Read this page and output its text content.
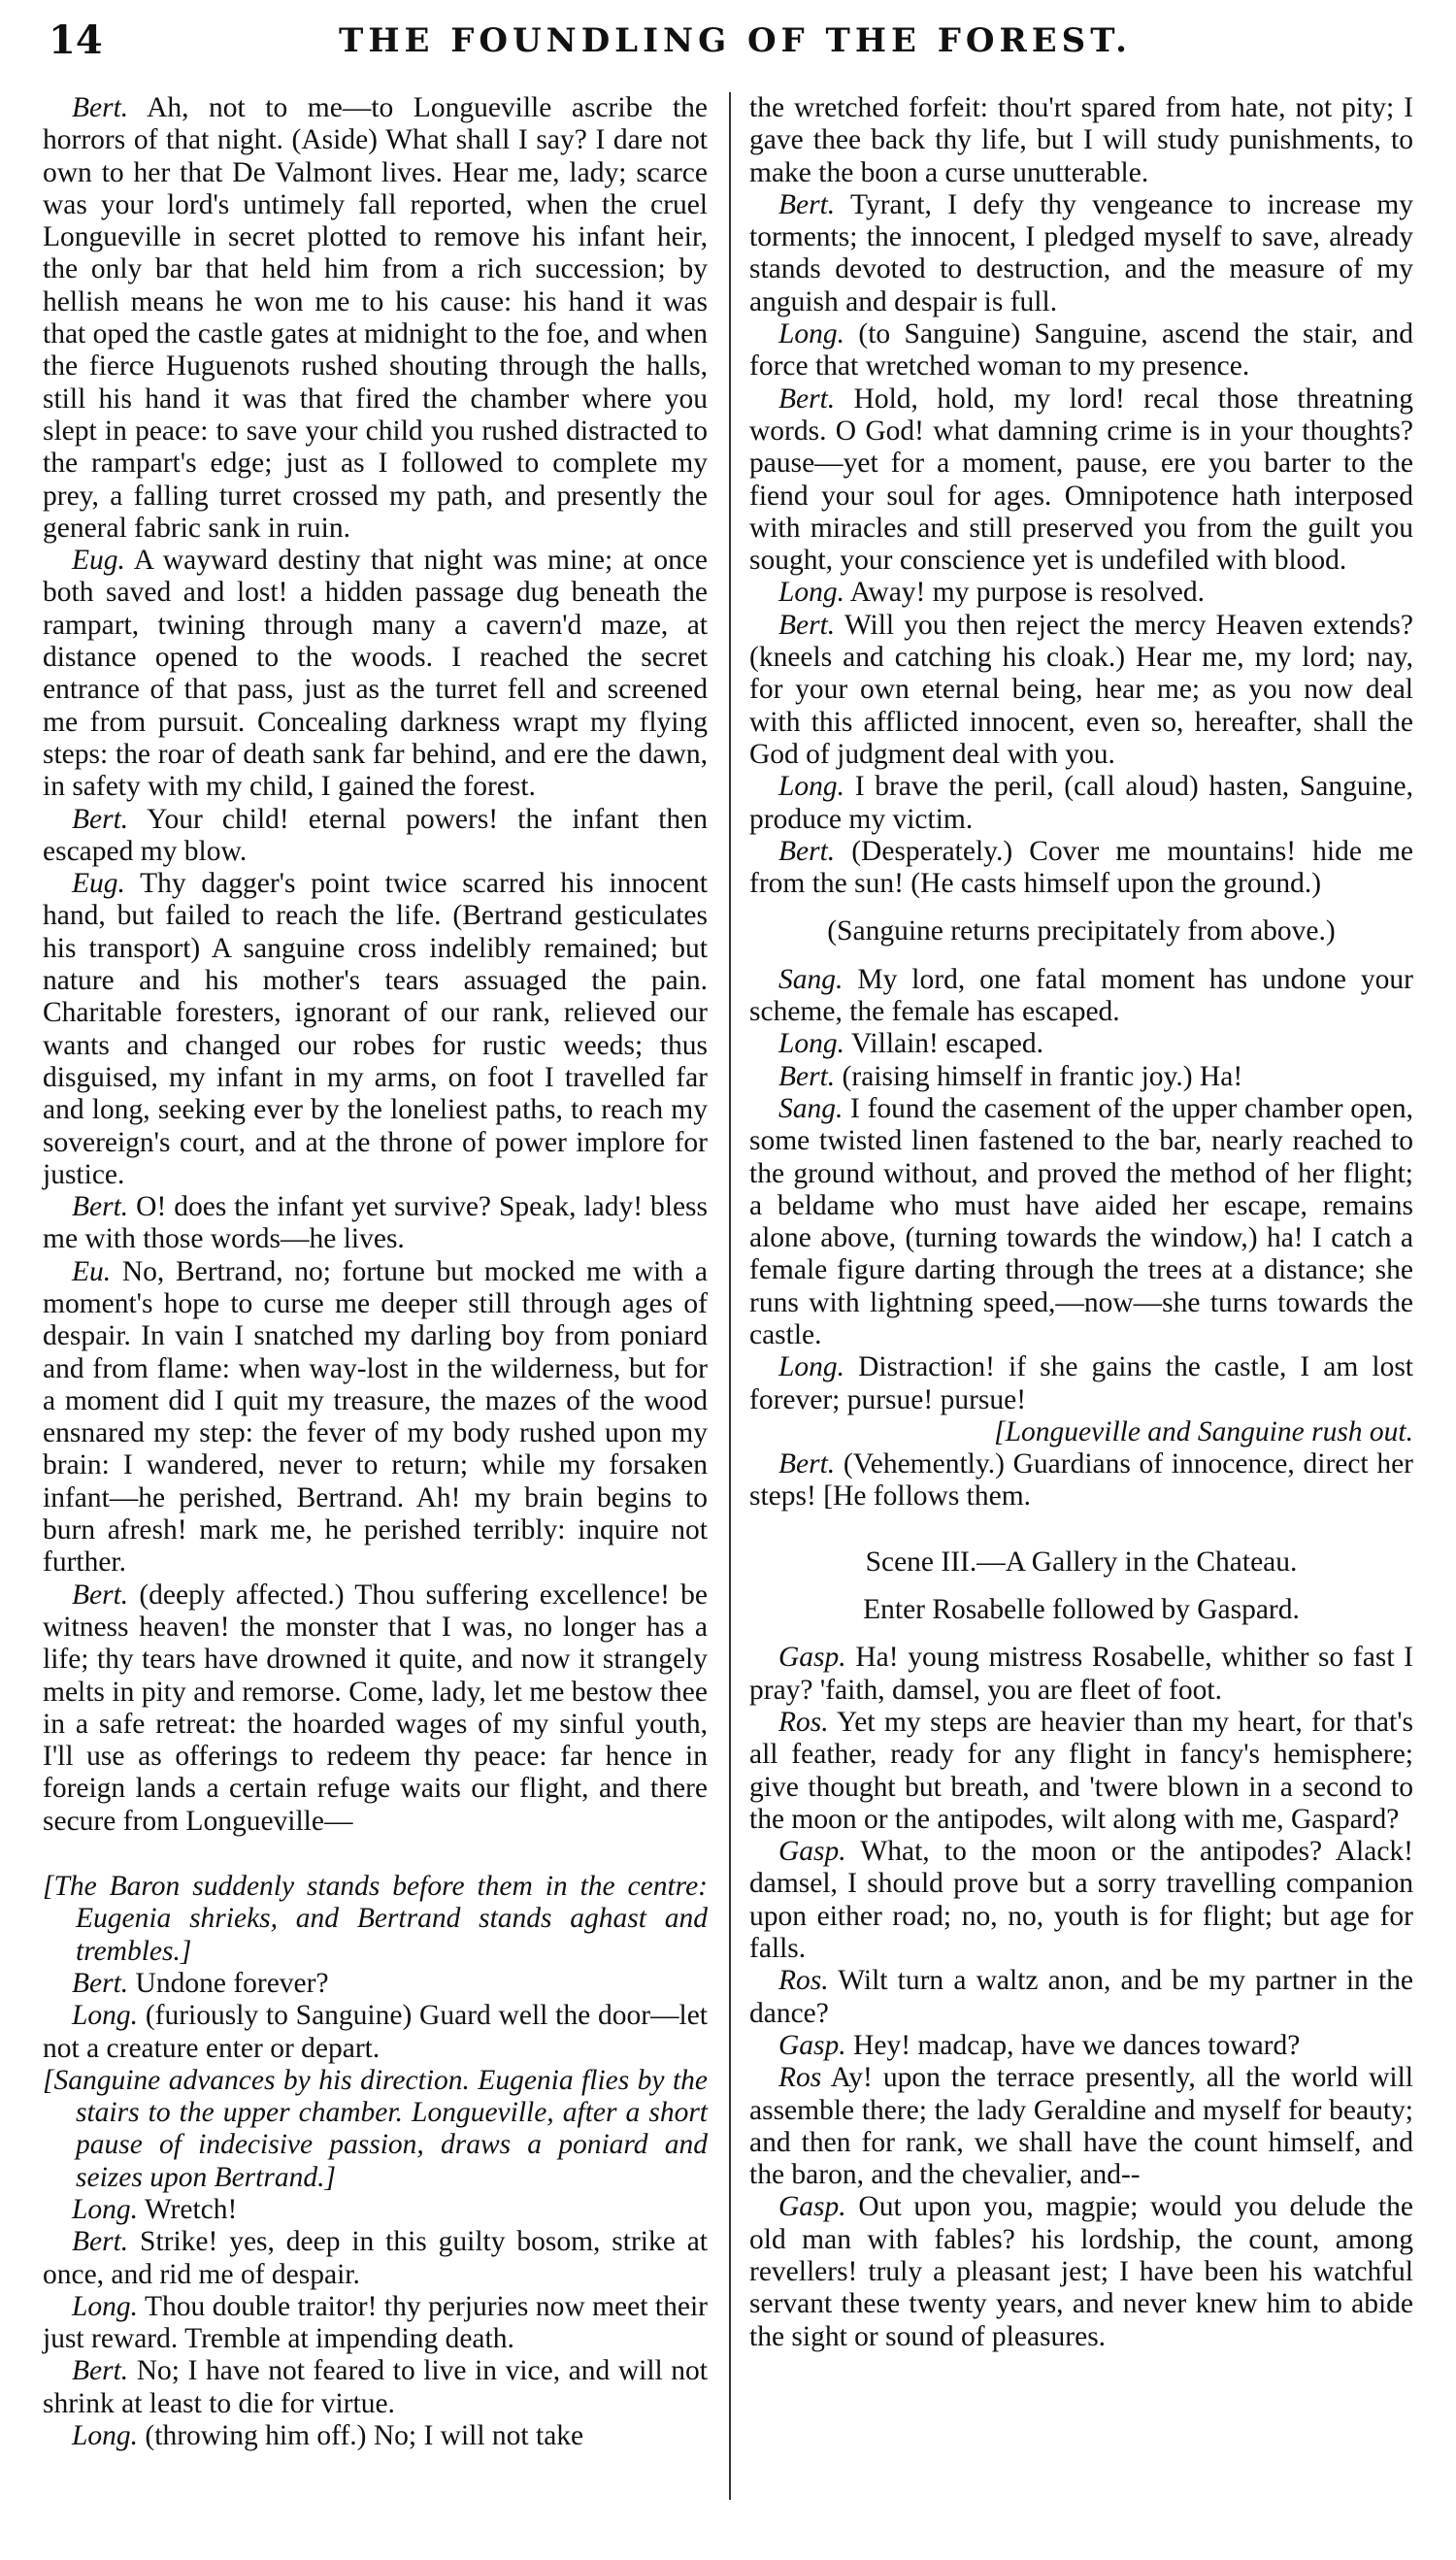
14	THE FOUNDLING OF THE FOREST.

Bert. Ah, not to me—to Longueville ascribe the horrors of that night. (Aside) What shall I say? I dare not own to her that De Valmont lives. Hear me, lady; scarce was your lord's untimely fall reported, when the cruel Longueville in secret plotted to remove his infant heir, the only bar that held him from a rich succession; by hellish means he won me to his cause: his hand it was that oped the castle gates at midnight to the foe, and when the fierce Huguenots rushed shouting through the halls, still his hand it was that fired the chamber where you slept in peace: to save your child you rushed distracted to the rampart's edge; just as I followed to complete my prey, a falling turret crossed my path, and presently the general fabric sank in ruin.

Eug. A wayward destiny that night was mine; at once both saved and lost! a hidden passage dug beneath the rampart, twining through many a cavern'd maze, at distance opened to the woods. I reached the secret entrance of that pass, just as the turret fell and screened me from pursuit. Concealing darkness wrapt my flying steps: the roar of death sank far behind, and ere the dawn, in safety with my child, I gained the forest.

Bert. Your child! eternal powers! the infant then escaped my blow.

Eug. Thy dagger's point twice scarred his innocent hand, but failed to reach the life. (Bertrand gesticulates his transport) A sanguine cross indelibly remained; but nature and his mother's tears assuaged the pain. Charitable foresters, ignorant of our rank, relieved our wants and changed our robes for rustic weeds; thus disguised, my infant in my arms, on foot I travelled far and long, seeking ever by the loneliest paths, to reach my sovereign's court, and at the throne of power implore for justice.

Bert. O! does the infant yet survive? Speak, lady! bless me with those words—he lives.

Eu. No, Bertrand, no; fortune but mocked me with a moment's hope to curse me deeper still through ages of despair. In vain I snatched my darling boy from poniard and from flame: when way-lost in the wilderness, but for a moment did I quit my treasure, the mazes of the wood ensnared my step: the fever of my body rushed upon my brain: I wandered, never to return; while my forsaken infant—he perished, Bertrand. Ah! my brain begins to burn afresh! mark me, he perished terribly: inquire not further.

Bert. (deeply affected.) Thou suffering excellence! be witness heaven! the monster that I was, no longer has a life; thy tears have drowned it quite, and now it strangely melts in pity and remorse. Come, lady, let me bestow thee in a safe retreat: the hoarded wages of my sinful youth, I'll use as offerings to redeem thy peace: far hence in foreign lands a certain refuge waits our flight, and there secure from Longueville—

[The Baron suddenly stands before them in the centre: Eugenia shrieks, and Bertrand stands aghast and trembles.]

Bert. Undone forever?

Long. (furiously to Sanguine) Guard well the door—let not a creature enter or depart.

[Sanguine advances by his direction. Eugenia flies by the stairs to the upper chamber. Longueville, after a short pause of indecisive passion, draws a poniard and seizes upon Bertrand.]

Long. Wretch!

Bert. Strike! yes, deep in this guilty bosom, strike at once, and rid me of despair.

Long. Thou double traitor! thy perjuries now meet their just reward. Tremble at impending death.

Bert. No; I have not feared to live in vice, and will not shrink at least to die for virtue.

Long. (throwing him off.) No; I will not take

the wretched forfeit: thou'rt spared from hate, not pity; I gave thee back thy life, but I will study punishments, to make the boon a curse unutterable.

Bert. Tyrant, I defy thy vengeance to increase my torments; the innocent, I pledged myself to save, already stands devoted to destruction, and the measure of my anguish and despair is full.

Long. (to Sanguine) Sanguine, ascend the stair, and force that wretched woman to my presence.

Bert. Hold, hold, my lord! recal those threatning words. O God! what damning crime is in your thoughts? pause—yet for a moment, pause, ere you barter to the fiend your soul for ages. Omnipotence hath interposed with miracles and still preserved you from the guilt you sought, your conscience yet is undefiled with blood.

Long. Away! my purpose is resolved.

Bert. Will you then reject the mercy Heaven extends? (kneels and catching his cloak.) Hear me, my lord; nay, for your own eternal being, hear me; as you now deal with this afflicted innocent, even so, hereafter, shall the God of judgment deal with you.

Long. I brave the peril, (call aloud) hasten, Sanguine, produce my victim.

Bert. (Desperately.) Cover me mountains! hide me from the sun! (He casts himself upon the ground.)

(Sanguine returns precipitately from above.)

Sang. My lord, one fatal moment has undone your scheme, the female has escaped.

Long. Villain! escaped.

Bert. (raising himself in frantic joy.) Ha!

Sang. I found the casement of the upper chamber open, some twisted linen fastened to the bar, nearly reached to the ground without, and proved the method of her flight; a beldame who must have aided her escape, remains alone above, (turning towards the window,) ha! I catch a female figure darting through the trees at a distance; she runs with lightning speed,—now—she turns towards the castle.

Long. Distraction! if she gains the castle, I am lost forever; pursue! pursue!

[Longueville and Sanguine rush out.

Bert. (Vehemently.) Guardians of innocence, direct her steps! [He follows them.

Scene III.—A Gallery in the Chateau.

Enter Rosabelle followed by Gaspard.

Gasp. Ha! young mistress Rosabelle, whither so fast I pray? 'faith, damsel, you are fleet of foot.

Ros. Yet my steps are heavier than my heart, for that's all feather, ready for any flight in fancy's hemisphere; give thought but breath, and 'twere blown in a second to the moon or the antipodes, wilt along with me, Gaspard?

Gasp. What, to the moon or the antipodes? Alack! damsel, I should prove but a sorry travelling companion upon either road; no, no, youth is for flight; but age for falls.

Ros. Wilt turn a waltz anon, and be my partner in the dance?

Gasp. Hey! madcap, have we dances toward?

Ros Ay! upon the terrace presently, all the world will assemble there; the lady Geraldine and myself for beauty; and then for rank, we shall have the count himself, and the baron, and the chevalier, and--

Gasp. Out upon you, magpie; would you delude the old man with fables? his lordship, the count, among revellers! truly a pleasant jest; I have been his watchful servant these twenty years, and never knew him to abide the sight or sound of pleasures.
